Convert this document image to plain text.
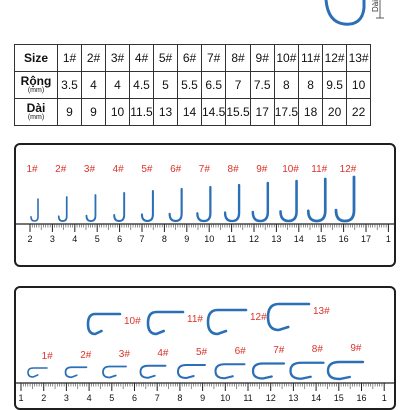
Dài
Size	1#	2#	3#	4#	5#	6#	7#	8#	9#	10#	11#	12#	13#

Rộng
(mm)	3.5	4	4	4.5	5	5.5	6.5	7	7.5	8	8	9.5	10

Dài
(mm)	9	9	10	11.5	13	14	14.5	15.5	17	17.5	18	20	22
2 3 4 5 6 7 8 9 10 11 12 13 14 15 16 17 1
1# 2# 3# 4# 5# 6# 7# 8# 9# 10# 11# 12#
1 2 3 4 5 6 7 8 9 10 11 12 13 14 15 16 1
10#	11#	12#
13#
1#	2#	3#	4#	5#	6#	7#	8#	9#
